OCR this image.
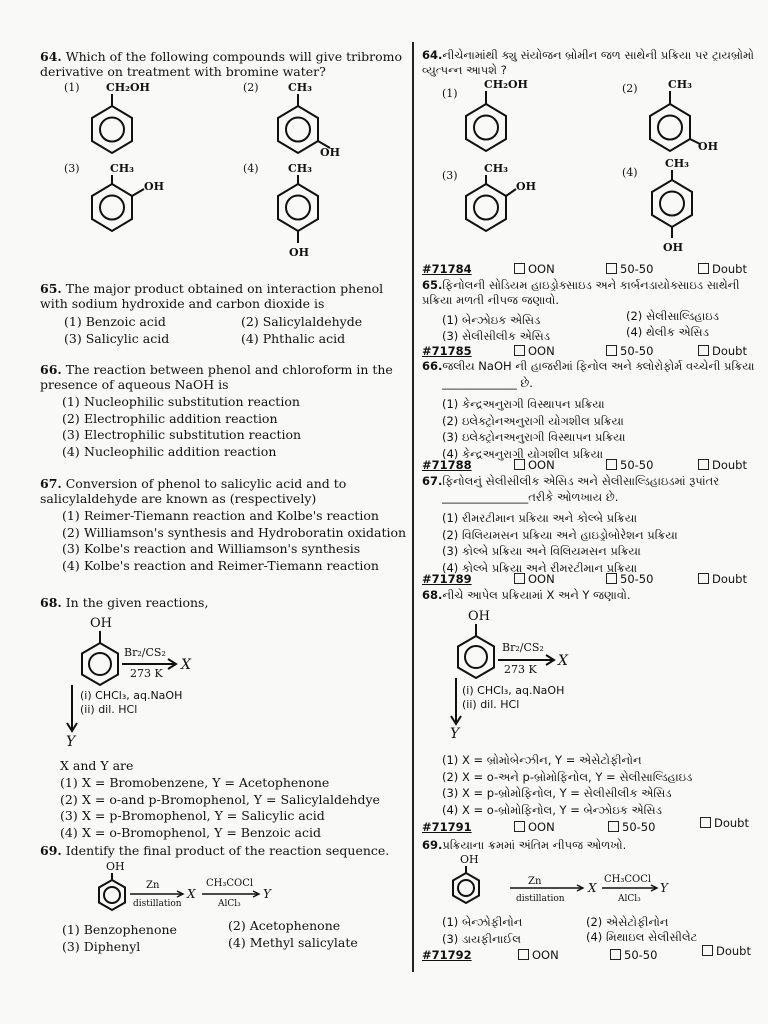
64. Which of the following compounds will give tribromo derivative on treatment with bromine water?
(1) CH₂OH	(2)	CH₃
OH
(3)	CH₃
OH
(4)	CH₃
OH
65. The major product obtained on interaction phenol with sodium hydroxide and carbon dioxide is
(1) Benzoic acid	(2) Salicylaldehyde
(3) Salicylic acid	(4) Phthalic acid
66. The reaction between phenol and chloroform in the presence of aqueous NaOH is
(1) Nucleophilic substitution reaction
(2) Electrophilic addition reaction
(3) Electrophilic substitution reaction
(4) Nucleophilic addition reaction
67. Conversion of phenol to salicylic acid and to salicylaldehyde are known as (respectively)
(1) Reimer-Tiemann reaction and Kolbe's reaction
(2) Williamson's synthesis and Hydroboratin oxidation
(3) Kolbe's reaction and Williamson's synthesis
(4) Kolbe's reaction and Reimer-Tiemann reaction
68. In the given reactions,
OH
Br₂/CS₂
273 K
X
(i) CHCl₃, aq.NaOH
(ii) dil. HCl
Y
X and Y are
(1) X = Bromobenzene, Y = Acetophenone
(2) X = o-and p-Bromophenol, Y = Salicylaldehdye
(3) X = p-Bromophenol, Y = Salicylic acid
(4) X = o-Bromophenol, Y = Benzoic acid
69. Identify the final product of the reaction sequence.
OH
Zn
distillation
X
CH₃COCl
AlCl₃
Y
(1) Benzophenone	(2) Acetophenone
(3) Diphenyl	(4) Methyl salicylate
64.નીચેનામાંથી ક્યુ સંયોજન બ્રોમીન જળ સાથેની પ્રક્રિયા પર ટ્રાયબ્રોમો વ્યુત્પન્ન આપશે ?
(1)
CH₂OH	(2)	CH₃
OH
(3)
CH₃
OH
(4)
CH₃
OH
#71784	OON	50-50	Doubt
65.ફિનોલની સોડિયમ હાઇડ્રોક્સાઇડ અને કાર્બનડાયોક્સાઇડ સાથેની પ્રક્રિયા મળતી નીપજ જણાવો.
(1) બેન્ઝોઇક એસિડ	(2) સેલીસાલ્ડિહાઇડ
(3) સેલીસીલીક એસિડ	(4) થેલીક એસિડ
#71785	OON	50-50	Doubt
66.જલીય NaOH ની હાજરીમાં ફિનોલ અને ક્લોરોફોર્મ વચ્ચેની પ્રક્રિયા
_____________ છે.
(1) કેન્દ્રઅનુરાગી વિસ્થાપન પ્રક્રિયા
(2) ઇલેક્ટ્રોનઅનુરાગી યોગશીલ પ્રક્રિયા
(3) ઇલેક્ટ્રોનઅનુરાગી વિસ્થાપન પ્રક્રિયા
(4) કેન્દ્રઅનુરાગી યોગશીલ પ્રક્રિયા
#71788	OON	50-50	Doubt
67.ફિનોલનું સેલીસીલીક એસિડ અને સેલીસાલ્ડિહાઇડમાં રૂપાંતર
_______________તરીકે ઓળખાય છે.
(1) રીમરટીમાન પ્રક્રિયા અને કોલ્બે પ્રક્રિયા
(2) વિલિયમસન પ્રક્રિયા અને હાઇડ્રોબોરેશન પ્રક્રિયા
(3) કોલ્બે પ્રક્રિયા અને વિલિયમસન પ્રક્રિયા
(4) કોલ્બે પ્રક્રિયા અને રીમરટીમાન પ્રક્રિયા
#71789	OON	50-50	Doubt
68.નીચે આપેલ પ્રક્રિયામાં X અને Y જણાવો.
OH
Br₂/CS₂
273 K
X
(i) CHCl₃, aq.NaOH
(ii) dil. HCl
Y
(1) X = બ્રોમોબેન્ઝીન, Y = એસેટોફીનોન
(2) X = o-અને p-બ્રોમોફિનોલ, Y = સેલીસાલ્ડિહાઇડ
(3) X = p-બ્રોમોફિનોલ, Y = સેલીસીલીક એસિડ
(4) X = o-બ્રોમોફિનોલ, Y = બેન્ઝોઇક એસિડ
#71791	OON	50-50	Doubt
69.પ્રક્રિયાના ક્રમમાં અંતિમ નીપજ ઓળખો.
OH
Zn
distillation
X
CH₃COCl
AlCl₃
Y
(1) બેન્ઝોફીનોન	(2) એસેટોફીનોન
(3) ડાયફીનાઈલ	(4) મિથાઇલ સેલીસીલેટ
#71792	OON	50-50	Doubt
